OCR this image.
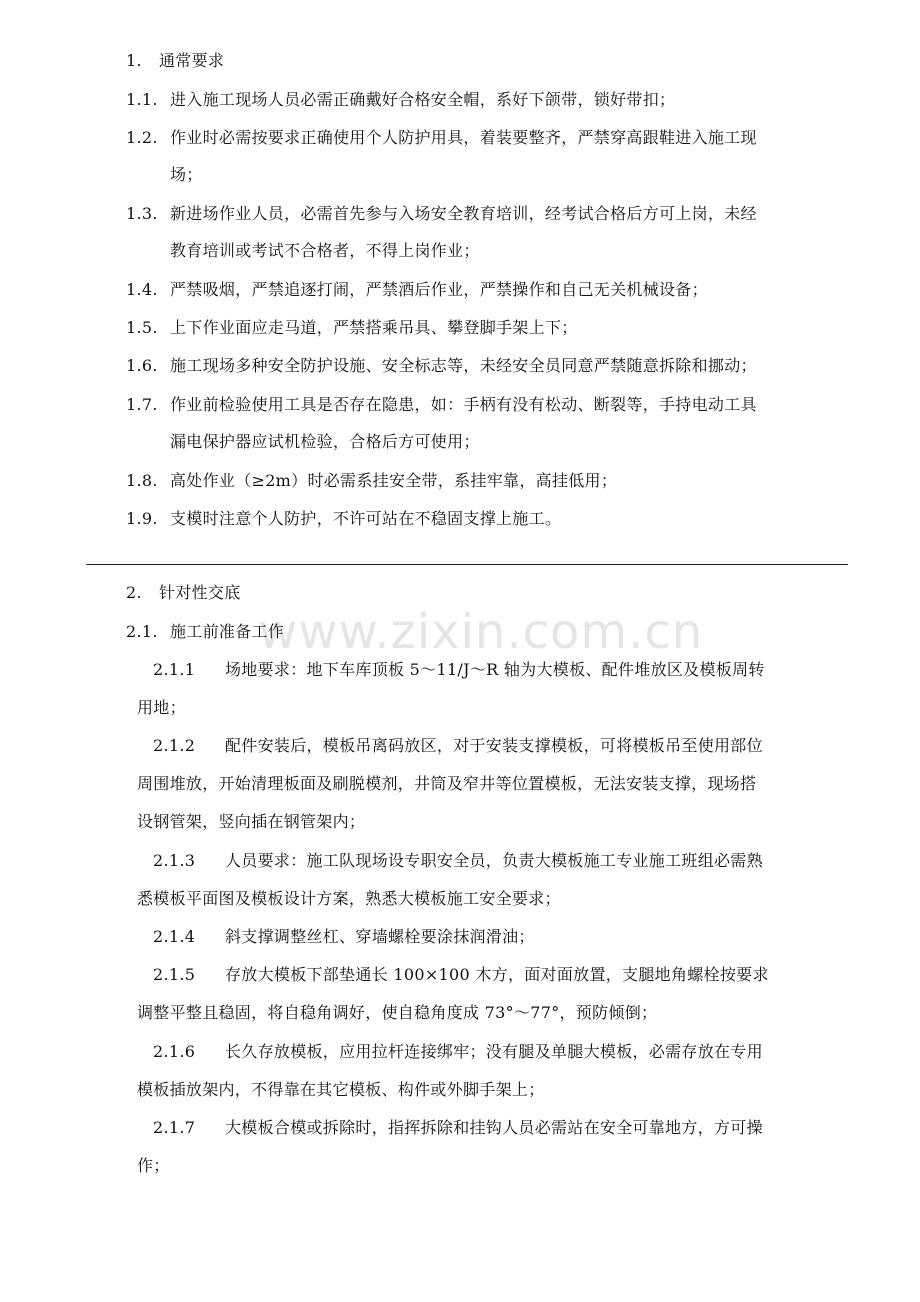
www.zixin.com.cn
1. 通常要求
1.1. 进入施工现场人员必需正确戴好合格安全帽，系好下颌带，锁好带扣；
1.2. 作业时必需按要求正确使用个人防护用具，着装要整齐，严禁穿高跟鞋进入施工现
场；
1.3. 新进场作业人员，必需首先参与入场安全教育培训，经考试合格后方可上岗，未经
教育培训或考试不合格者，不得上岗作业；
1.4. 严禁吸烟，严禁追逐打闹，严禁酒后作业，严禁操作和自己无关机械设备；
1.5. 上下作业面应走马道，严禁搭乘吊具、攀登脚手架上下；
1.6. 施工现场多种安全防护设施、安全标志等，未经安全员同意严禁随意拆除和挪动；
1.7. 作业前检验使用工具是否存在隐患，如：手柄有没有松动、断裂等，手持电动工具
漏电保护器应试机检验，合格后方可使用；
1.8. 高处作业（≥2m）时必需系挂安全带，系挂牢靠，高挂低用；
1.9. 支模时注意个人防护，不许可站在不稳固支撑上施工。
2. 针对性交底
2.1. 施工前准备工作
2.1.1 场地要求：地下车库顶板 5～11/J～R 轴为大模板、配件堆放区及模板周转
用地；
2.1.2 配件安装后，模板吊离码放区，对于安装支撑模板，可将模板吊至使用部位
周围堆放，开始清理板面及刷脱模剂，井筒及窄井等位置模板，无法安装支撑，现场搭
设钢管架，竖向插在钢管架内；
2.1.3 人员要求：施工队现场设专职安全员，负责大模板施工专业施工班组必需熟
悉模板平面图及模板设计方案，熟悉大模板施工安全要求；
2.1.4 斜支撑调整丝杠、穿墙螺栓要涂抹润滑油；
2.1.5 存放大模板下部垫通长 100×100 木方，面对面放置，支腿地角螺栓按要求
调整平整且稳固，将自稳角调好，使自稳角度成 73°～77°，预防倾倒；
2.1.6 长久存放模板，应用拉杆连接绑牢；没有腿及单腿大模板，必需存放在专用
模板插放架内，不得靠在其它模板、构件或外脚手架上；
2.1.7 大模板合模或拆除时，指挥拆除和挂钩人员必需站在安全可靠地方，方可操
作；
